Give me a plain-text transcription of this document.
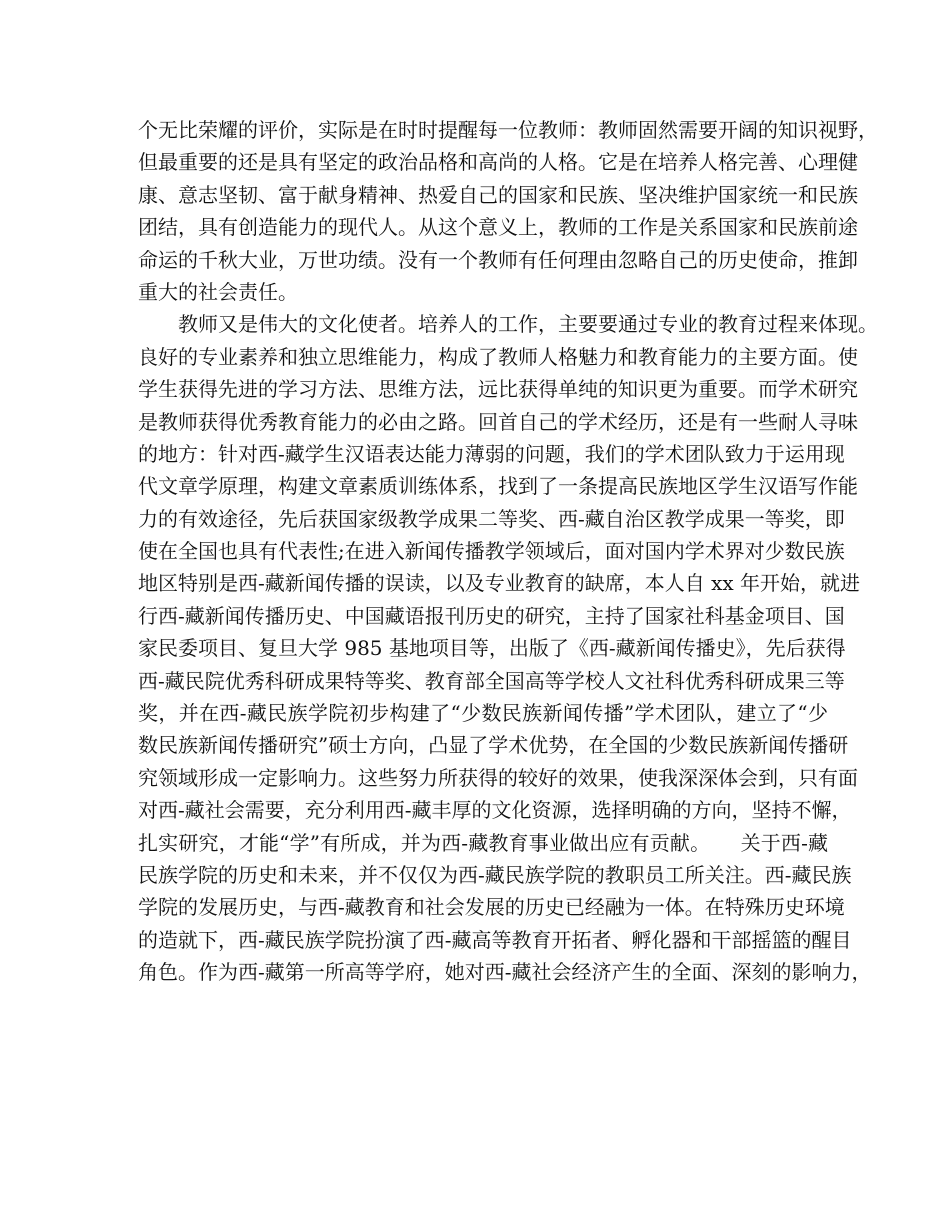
个无比荣耀的评价，实际是在时时提醒每一位教师：教师固然需要开阔的知识视野，
但最重要的还是具有坚定的政治品格和高尚的人格。它是在培养人格完善、心理健
康、意志坚韧、富于献身精神、热爱自己的国家和民族、坚决维护国家统一和民族
团结，具有创造能力的现代人。从这个意义上，教师的工作是关系国家和民族前途
命运的千秋大业，万世功绩。没有一个教师有任何理由忽略自己的历史使命，推卸
重大的社会责任。
教师又是伟大的文化使者。培养人的工作，主要要通过专业的教育过程来体现。
良好的专业素养和独立思维能力，构成了教师人格魅力和教育能力的主要方面。使
学生获得先进的学习方法、思维方法，远比获得单纯的知识更为重要。而学术研究
是教师获得优秀教育能力的必由之路。回首自己的学术经历，还是有一些耐人寻味
的地方：针对西-藏学生汉语表达能力薄弱的问题，我们的学术团队致力于运用现
代文章学原理，构建文章素质训练体系，找到了一条提高民族地区学生汉语写作能
力的有效途径，先后获国家级教学成果二等奖、西-藏自治区教学成果一等奖，即
使在全国也具有代表性;在进入新闻传播教学领域后，面对国内学术界对少数民族
地区特别是西-藏新闻传播的误读，以及专业教育的缺席，本人自 xx 年开始，就进
行西-藏新闻传播历史、中国藏语报刊历史的研究，主持了国家社科基金项目、国
家民委项目、复旦大学 985 基地项目等，出版了《西-藏新闻传播史》，先后获得
西-藏民院优秀科研成果特等奖、教育部全国高等学校人文社科优秀科研成果三等
奖，并在西-藏民族学院初步构建了“少数民族新闻传播”学术团队，建立了“少
数民族新闻传播研究”硕士方向，凸显了学术优势，在全国的少数民族新闻传播研
究领域形成一定影响力。这些努力所获得的较好的效果，使我深深体会到，只有面
对西-藏社会需要，充分利用西-藏丰厚的文化资源，选择明确的方向，坚持不懈，
扎实研究，才能“学”有所成，并为西-藏教育事业做出应有贡献。　　关于西-藏
民族学院的历史和未来，并不仅仅为西-藏民族学院的教职员工所关注。西-藏民族
学院的发展历史，与西-藏教育和社会发展的历史已经融为一体。在特殊历史环境
的造就下，西-藏民族学院扮演了西-藏高等教育开拓者、孵化器和干部摇篮的醒目
角色。作为西-藏第一所高等学府，她对西-藏社会经济产生的全面、深刻的影响力，
